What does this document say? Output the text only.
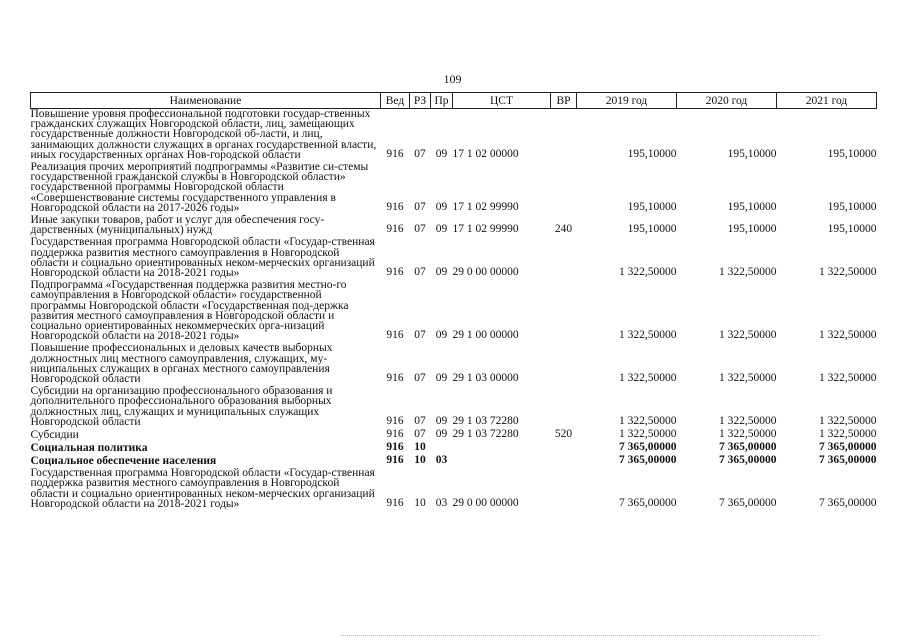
109
Наименование	Вед	РЗ	Пр	ЦСТ	ВР	2019 год	2020 год	2021 год
Повышение уровня профессиональной подготовки государ-ственных гражданских служащих Новгородской области, лиц, замещающих государственные должности Новгородской об-ласти, и лиц, занимающих должности служащих в органах государственной власти, иных государственных органах Нов-городской области	916	07	09	17 1 02 00000		195,10000	195,10000	195,10000
Реализация прочих мероприятий подпрограммы «Развитие си-стемы государственной гражданской службы в Новгородской области» государственной программы Новгородской области «Совершенствование системы государственного управления в Новгородской области на 2017-2026 годы»	916	07	09	17 1 02 99990		195,10000	195,10000	195,10000
Иные закупки товаров, работ и услуг для обеспечения госу-дарственных (муниципальных) нужд	916	07	09	17 1 02 99990	240	195,10000	195,10000	195,10000
Государственная программа Новгородской области «Государ-ственная поддержка развития местного самоуправления в Новгородской области и социально ориентированных неком-мерческих организаций Новгородской области на 2018-2021 годы»	916	07	09	29 0 00 00000		1 322,50000	1 322,50000	1 322,50000
Подпрограмма «Государственная поддержка развития местно-го самоуправления в Новгородской области» государственной программы Новгородской области «Государственная под-держка развития местного самоуправления в Новгородской области и социально ориентированных некоммерческих орга-низаций Новгородской области на 2018-2021 годы»	916	07	09	29 1 00 00000		1 322,50000	1 322,50000	1 322,50000
Повышение профессиональных и деловых качеств выборных должностных лиц местного самоуправления, служащих, му-ниципальных служащих в органах местного самоуправления Новгородской области	916	07	09	29 1 03 00000		1 322,50000	1 322,50000	1 322,50000
Субсидии на организацию профессионального образования и дополнительного профессионального образования выборных должностных лиц, служащих и муниципальных служащих Новгородской области	916	07	09	29 1 03 72280		1 322,50000	1 322,50000	1 322,50000
Субсидии	916	07	09	29 1 03 72280	520	1 322,50000	1 322,50000	1 322,50000
Социальная политика	916	10				7 365,00000	7 365,00000	7 365,00000
Социальное обеспечение населения	916	10	03			7 365,00000	7 365,00000	7 365,00000
Государственная программа Новгородской области «Государ-ственная поддержка развития местного самоуправления в Новгородской области и социально ориентированных неком-мерческих организаций Новгородской области на 2018-2021 годы»	916	10	03	29 0 00 00000		7 365,00000	7 365,00000	7 365,00000
